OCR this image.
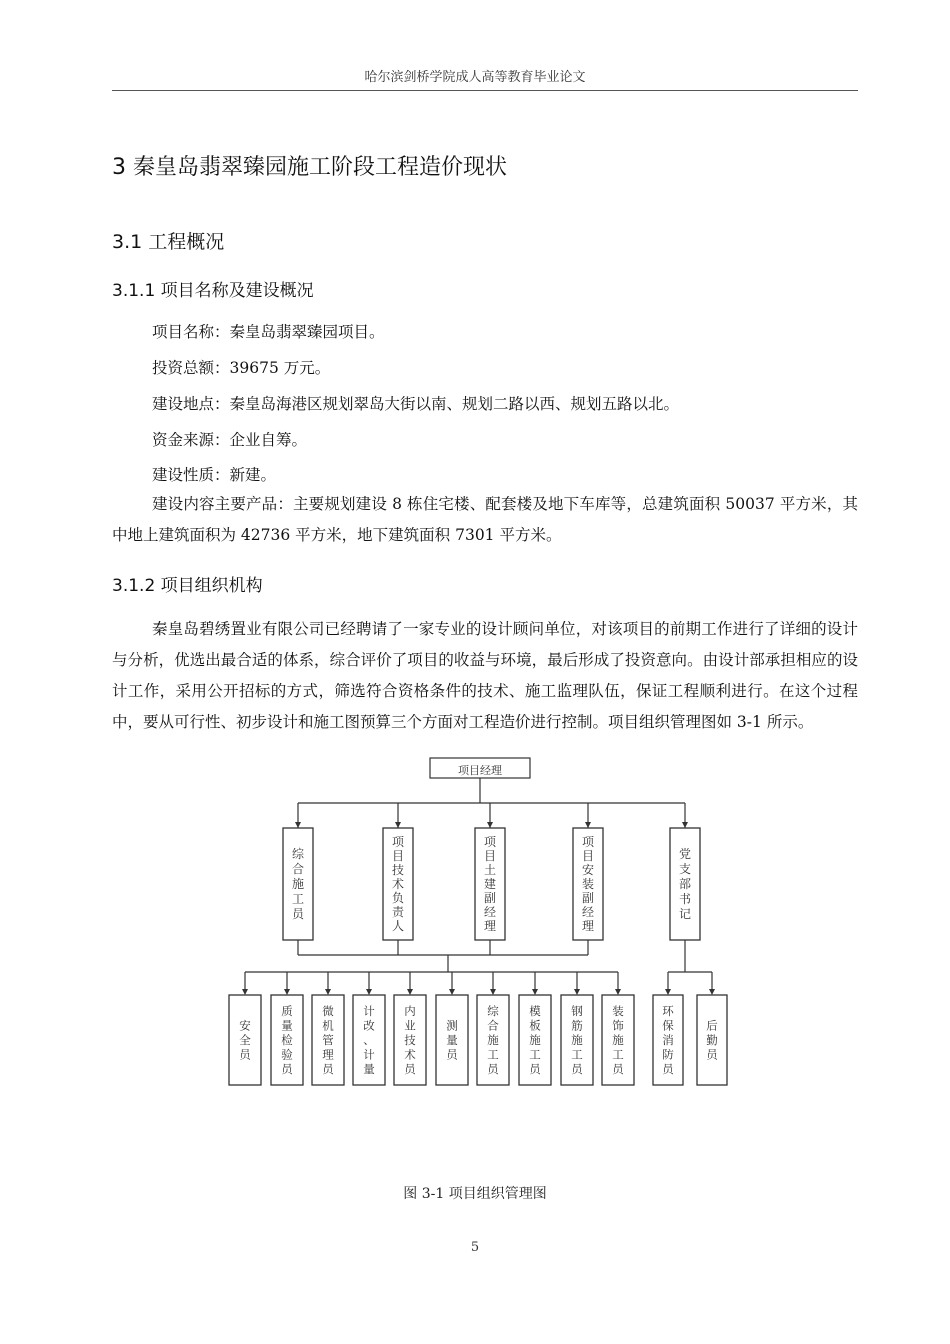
哈尔滨剑桥学院成人高等教育毕业论文
3 秦皇岛翡翠臻园施工阶段工程造价现状
3.1 工程概况
3.1.1 项目名称及建设概况
项目名称：秦皇岛翡翠臻园项目。
投资总额：39675 万元。
建设地点：秦皇岛海港区规划翠岛大街以南、规划二路以西、规划五路以北。
资金来源：企业自筹。
建设性质：新建。
建设内容主要产品：主要规划建设 8 栋住宅楼、配套楼及地下车库等，总建筑面积 50037 平方米，其中地上建筑面积为 42736 平方米，地下建筑面积 7301 平方米。
3.1.2 项目组织机构
秦皇岛碧绣置业有限公司已经聘请了一家专业的设计顾问单位，对该项目的前期工作进行了详细的设计与分析，优选出最合适的体系，综合评价了项目的收益与环境，最后形成了投资意向。由设计部承担相应的设计工作，采用公开招标的方式，筛选符合资格条件的技术、施工监理队伍，保证工程顺利进行。在这个过程中，要从可行性、初步设计和施工图预算三个方面对工程造价进行控制。项目组织管理图如 3-1 所示。
综合施工员
项目技术负责人
项目土建副经理
项目安装副经理
党支部书记
安全员
质量检验员
微机管理员
计改、计量
内业技术员
测量员
综合施工员
模板施工员
钢筋施工员
装饰施工员
环保消防员
后勤员
项目经理
图 3-1 项目组织管理图
5
